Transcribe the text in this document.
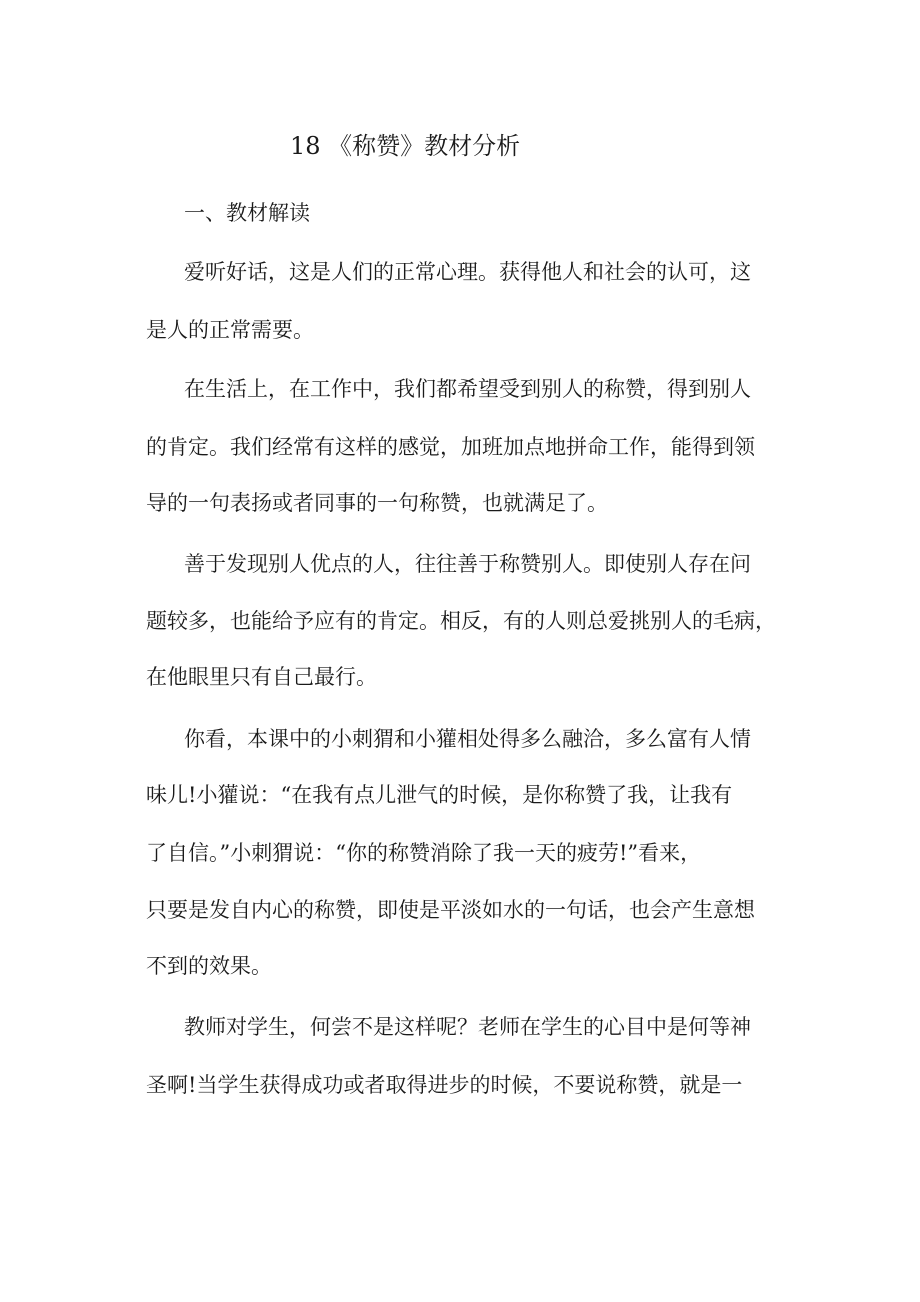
18 《称赞》教材分析
一、教材解读
爱听好话，这是人们的正常心理。获得他人和社会的认可，这
是人的正常需要。
在生活上，在工作中，我们都希望受到别人的称赞，得到别人
的肯定。我们经常有这样的感觉，加班加点地拼命工作，能得到领
导的一句表扬或者同事的一句称赞，也就满足了。
善于发现别人优点的人，往往善于称赞别人。即使别人存在问
题较多，也能给予应有的肯定。相反，有的人则总爱挑别人的毛病，
在他眼里只有自己最行。
你看，本课中的小刺猬和小獾相处得多么融洽，多么富有人情
味儿!小獾说：“在我有点儿泄气的时候，是你称赞了我，让我有
了自信。”小刺猬说：“你的称赞消除了我一天的疲劳!”看来，
只要是发自内心的称赞，即使是平淡如水的一句话，也会产生意想
不到的效果。
教师对学生，何尝不是这样呢？老师在学生的心目中是何等神
圣啊!当学生获得成功或者取得进步的时候，不要说称赞，就是一
